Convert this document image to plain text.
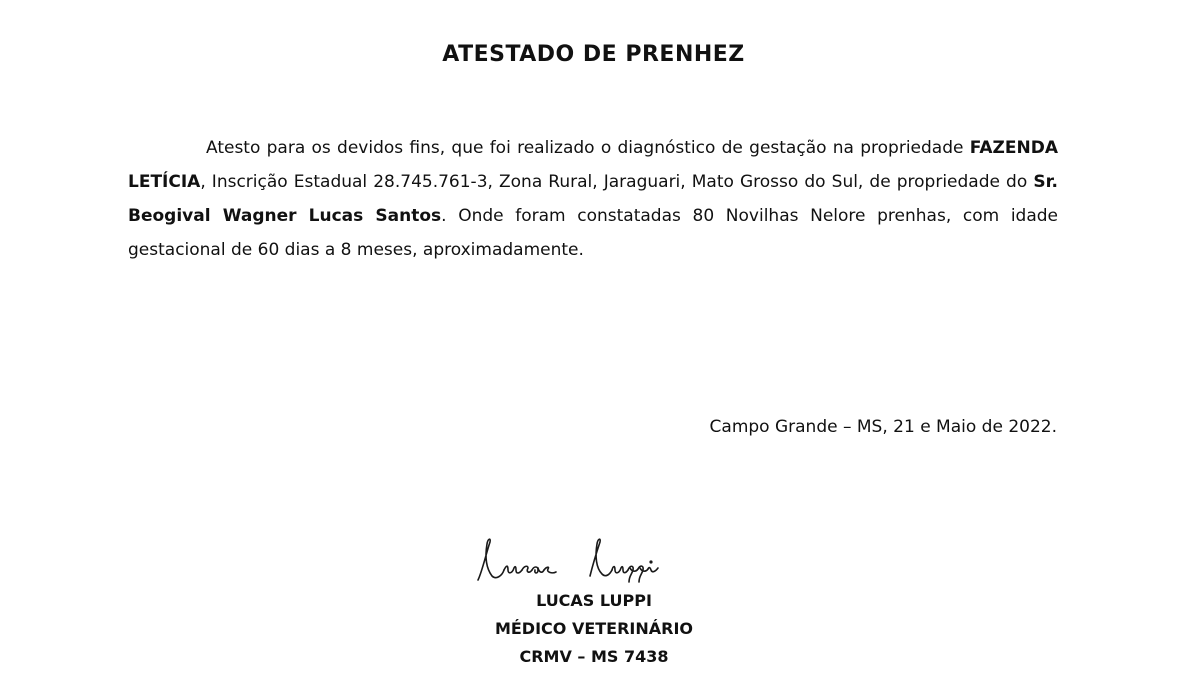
ATESTADO DE PRENHEZ
Atesto para os devidos fins, que foi realizado o diagnóstico de gestação na propriedade FAZENDA LETÍCIA, Inscrição Estadual 28.745.761-3, Zona Rural, Jaraguari, Mato Grosso do Sul, de propriedade do Sr. Beogival Wagner Lucas Santos. Onde foram constatadas 80 Novilhas Nelore prenhas, com idade gestacional de 60 dias a 8 meses, aproximadamente.
Campo Grande – MS, 21 e Maio de 2022.
LUCAS LUPPI
MÉDICO VETERINÁRIO
CRMV – MS 7438
